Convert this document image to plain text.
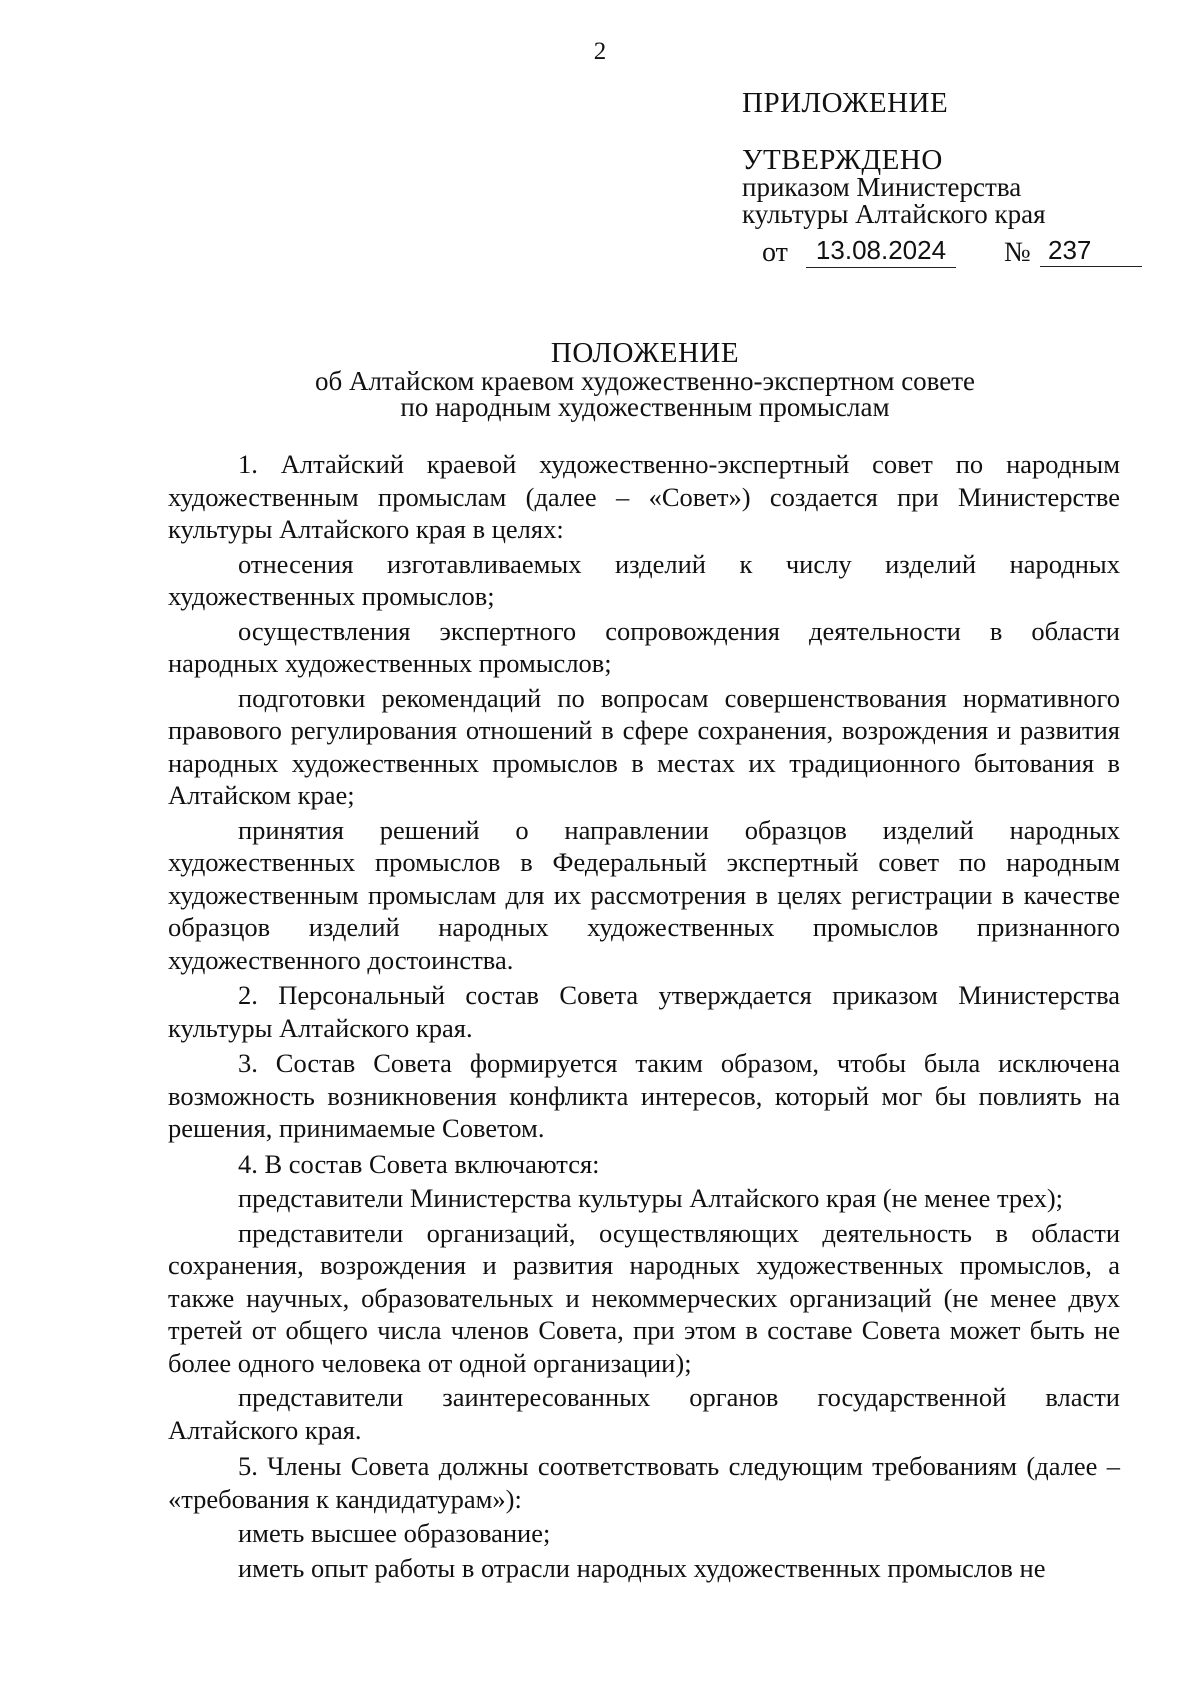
2
ПРИЛОЖЕНИЕ
УТВЕРЖДЕНО
приказом Министерства
культуры Алтайского края
от	13.08.2024	№ 237
ПОЛОЖЕНИЕ
об Алтайском краевом художественно-экспертном совете
по народным художественным промыслам

1. Алтайский краевой художественно-экспертный совет по народным художественным промыслам (далее – «Совет») создается при Министерстве культуры Алтайского края в целях:

отнесения изготавливаемых изделий к числу изделий народных художественных промыслов;

осуществления экспертного сопровождения деятельности в области народных художественных промыслов;

подготовки рекомендаций по вопросам совершенствования нормативного правового регулирования отношений в сфере сохранения, возрождения и развития народных художественных промыслов в местах их традиционного бытования в Алтайском крае;

принятия решений о направлении образцов изделий народных художественных промыслов в Федеральный экспертный совет по народным художественным промыслам для их рассмотрения в целях регистрации в качестве образцов изделий народных художественных промыслов признанного художественного достоинства.

2. Персональный состав Совета утверждается приказом Министерства культуры Алтайского края.

3. Состав Совета формируется таким образом, чтобы была исключена возможность возникновения конфликта интересов, который мог бы повлиять на решения, принимаемые Советом.

4. В состав Совета включаются:

представители Министерства культуры Алтайского края (не менее трех);

представители организаций, осуществляющих деятельность в области сохранения, возрождения и развития народных художественных промыслов, а также научных, образовательных и некоммерческих организаций (не менее двух третей от общего числа членов Совета, при этом в составе Совета может быть не более одного человека от одной организации);

представители заинтересованных органов государственной власти Алтайского края.

5. Члены Совета должны соответствовать следующим требованиям (далее – «требования к кандидатурам»):

иметь высшее образование;

иметь опыт работы в отрасли народных художественных промыслов не
